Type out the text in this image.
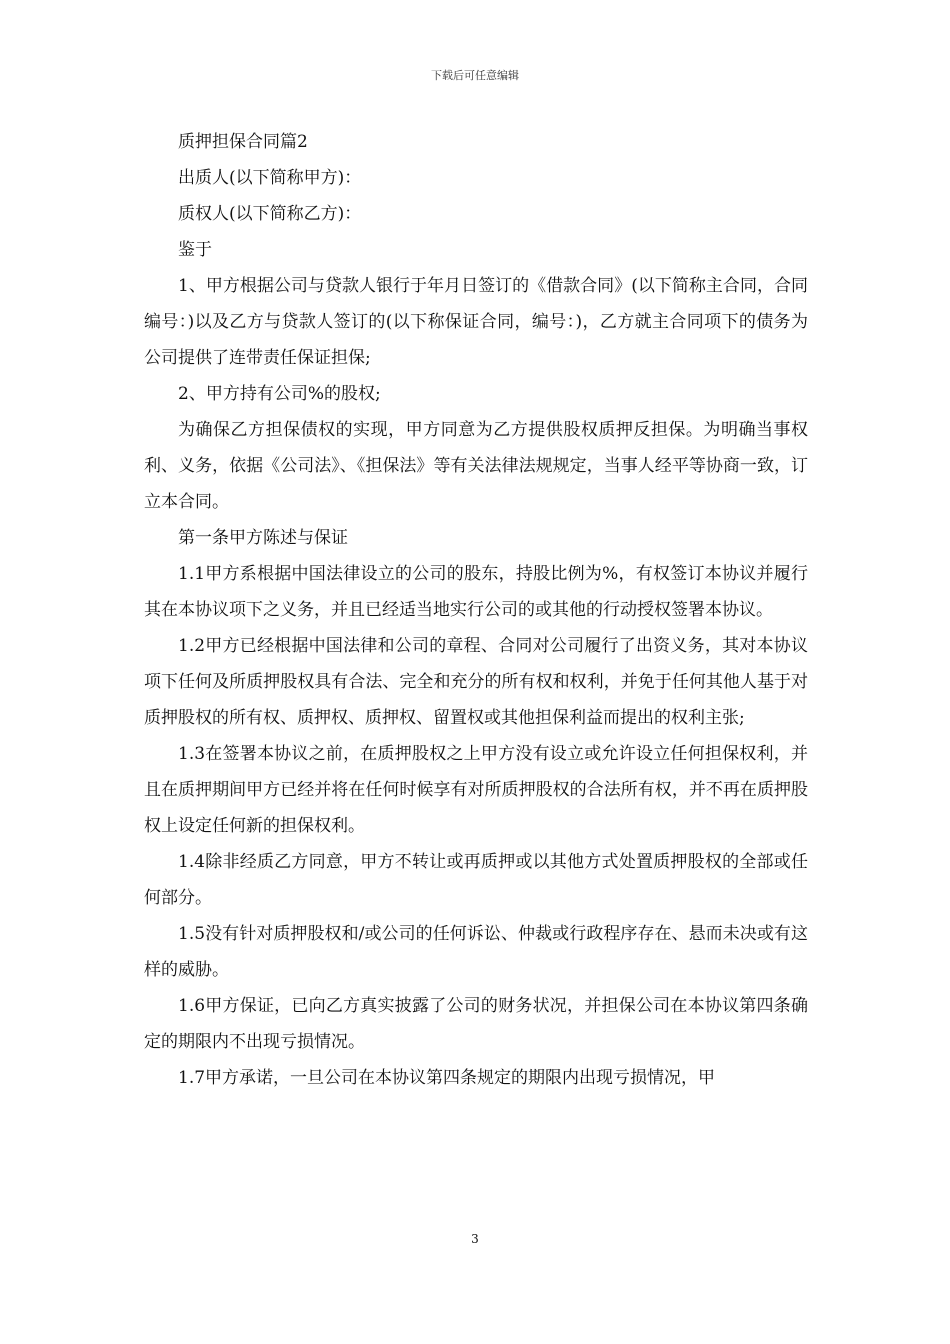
下载后可任意编辑

质押担保合同篇2

出质人(以下简称甲方)：

质权人(以下简称乙方)：

鉴于

1、甲方根据公司与贷款人银行于年月日签订的《借款合同》(以下简称主合同，合同编号：)以及乙方与贷款人签订的(以下称保证合同，编号：)，乙方就主合同项下的债务为公司提供了连带责任保证担保;

2、甲方持有公司%的股权;

为确保乙方担保债权的实现，甲方同意为乙方提供股权质押反担保。为明确当事权利、义务，依据《公司法》、《担保法》等有关法律法规规定，当事人经平等协商一致，订立本合同。

第一条甲方陈述与保证

1.1甲方系根据中国法律设立的公司的股东，持股比例为%，有权签订本协议并履行其在本协议项下之义务，并且已经适当地实行公司的或其他的行动授权签署本协议。

1.2甲方已经根据中国法律和公司的章程、合同对公司履行了出资义务，其对本协议项下任何及所质押股权具有合法、完全和充分的所有权和权利，并免于任何其他人基于对质押股权的所有权、质押权、质押权、留置权或其他担保利益而提出的权利主张;

1.3在签署本协议之前，在质押股权之上甲方没有设立或允许设立任何担保权利，并且在质押期间甲方已经并将在任何时候享有对所质押股权的合法所有权，并不再在质押股权上设定任何新的担保权利。

1.4除非经质乙方同意，甲方不转让或再质押或以其他方式处置质押股权的全部或任何部分。

1.5没有针对质押股权和/或公司的任何诉讼、仲裁或行政程序存在、悬而未决或有这样的威胁。

1.6甲方保证，已向乙方真实披露了公司的财务状况，并担保公司在本协议第四条确定的期限内不出现亏损情况。

1.7甲方承诺，一旦公司在本协议第四条规定的期限内出现亏损情况，甲

3
